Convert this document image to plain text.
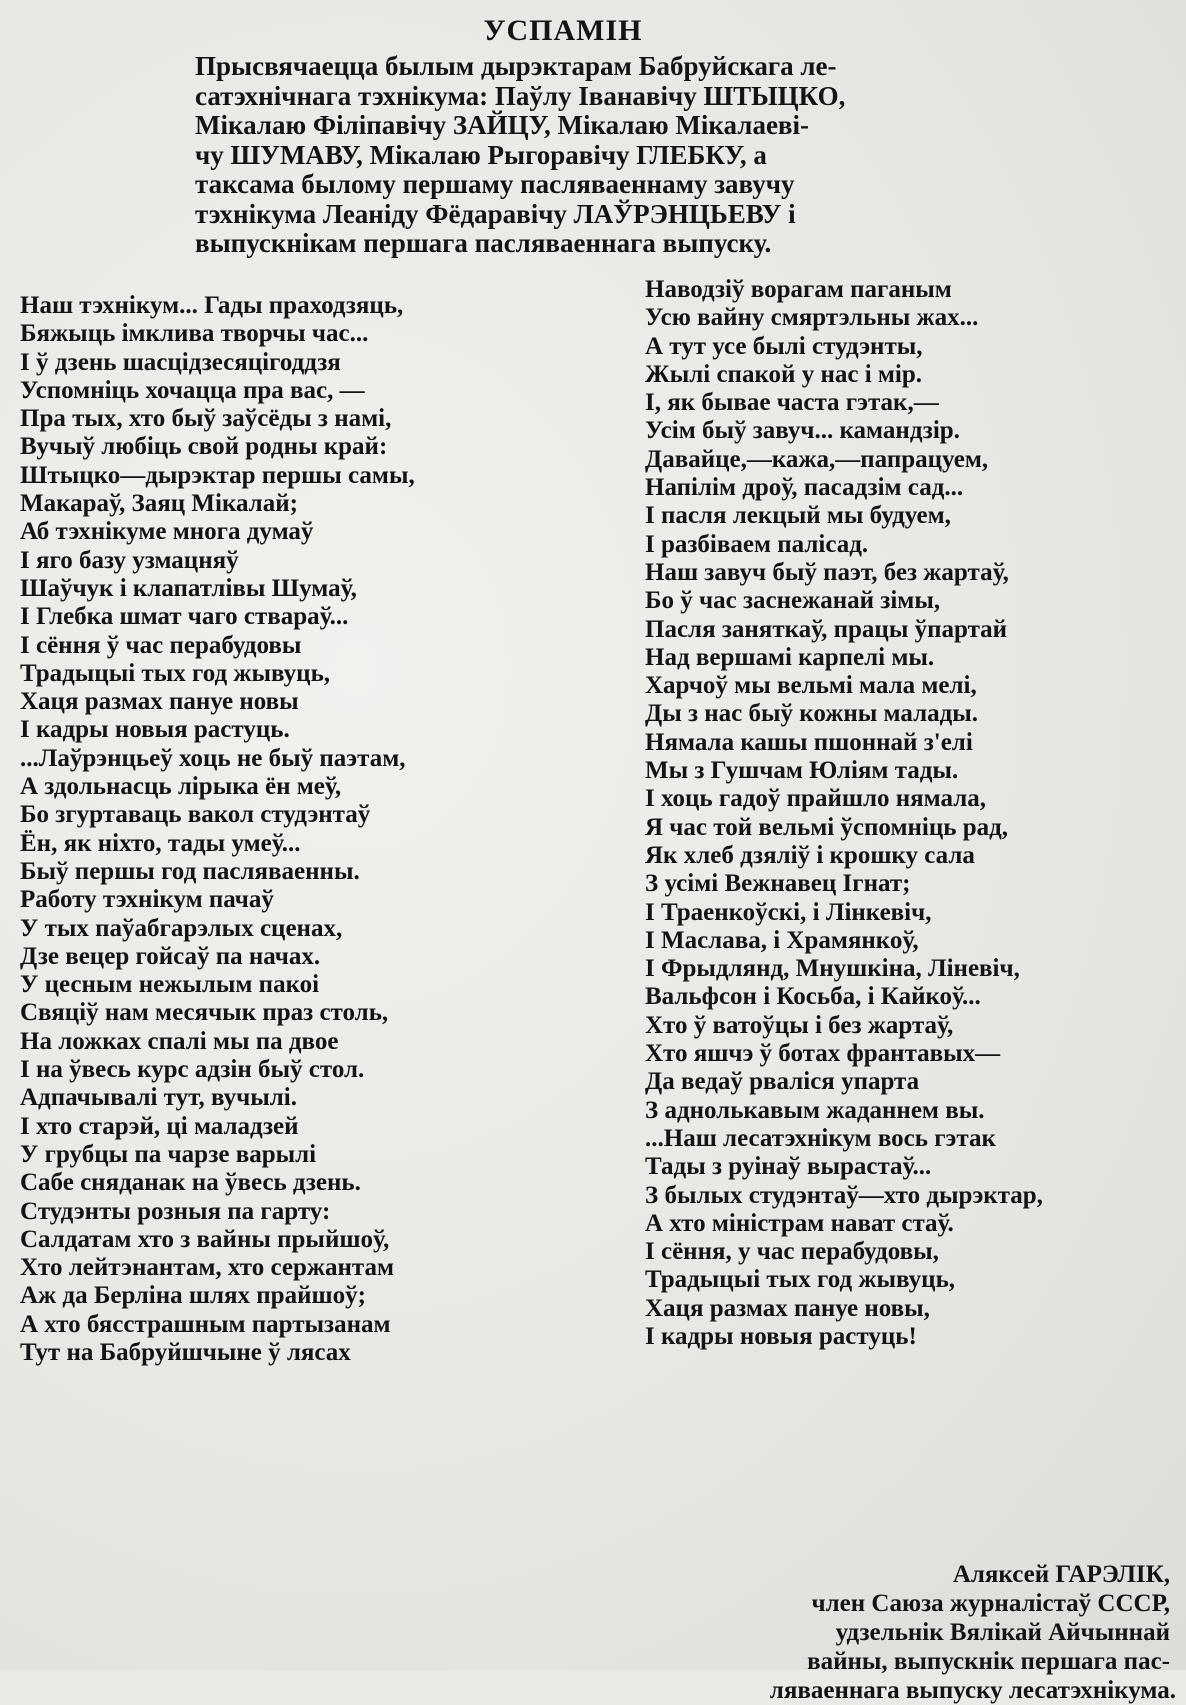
УСПАМІН
Прысвячаецца былым дырэктарам Бабруйскага ле-
сатэхнічнага тэхнікума: Паўлу Іванавічу ШТЫЦКО,
Мікалаю Філіпавічу ЗАЙЦУ, Мікалаю Мікалаеві-
чу ШУМАВУ, Мікалаю Рыгоравічу ГЛЕБКУ, а
таксама былому першаму пасляваеннаму завучу
тэхнікума Леаніду Фёдаравічу ЛАЎРЭНЦЬЕВУ і
выпускнікам першага пасляваеннага выпуску.
Наш тэхнікум... Гады праходзяць,
Бяжыць імклива творчы час...
І ў дзень шасцідзесяцігоддзя
Успомніць хочацца пра вас, —
Пра тых, хто быў заўсёды з намі,
Вучыў любіць свой родны край:
Штыцко—дырэктар першы самы,
Макараў, Заяц Мікалай;
Аб тэхнікуме многа думаў
І яго базу узмацняў
Шаўчук і клапатлівы Шумаў,
І Глебка шмат чаго ствараў...
І сёння ў час перабудовы
Традыцыі тых год жывуць,
Хаця размах пануе новы
І кадры новыя растуць.
...Лаўрэнцьеў хоць не быў паэтам,
А здольнасць лірыка ён меў,
Бо згуртаваць вакол студэнтаў
Ён, як ніхто, тады умеў...
Быў першы год пасляваенны.
Работу тэхнікум пачаў
У тых паўабгарэлых сценах,
Дзе вецер гойсаў па начах.
У цесным нежылым пакоі
Свяціў нам месячык праз столь,
На ложках спалі мы па двое
І на ўвесь курс адзін быў стол.
Адпачывалі тут, вучылі.
І хто старэй, ці маладзей
У грубцы па чарзе варылі
Сабе сняданак на ўвесь дзень.
Студэнты розныя па гарту:
Салдатам хто з вайны прыйшоў,
Хто лейтэнантам, хто сержантам
Аж да Берліна шлях прайшоў;
А хто бясстрашным партызанам
Тут на Бабруйшчыне ў лясах
Наводзіў ворагам паганым
Усю вайну смяртэльны жах...
А тут усе былі студэнты,
Жылі спакой у нас і мір.
І, як бывае часта гэтак,—
Усім быў завуч... камандзір.
Давайце,—кажа,—папрацуем,
Напілім дроў, пасадзім сад...
І пасля лекцый мы будуем,
І разбіваем палісад.
Наш завуч быў паэт, без жартаў,
Бо ў час заснежанай зімы,
Пасля заняткаў, працы ўпартай
Над вершамі карпелі мы.
Харчоў мы вельмі мала мелі,
Ды з нас быў кожны малады.
Нямала кашы пшоннай з'елі
Мы з Гушчам Юліям тады.
І хоць гадоў прайшло нямала,
Я час той вельмі ўспомніць рад,
Як хлеб дзяліў і крошку сала
З усімі Вежнавец Ігнат;
І Траенкоўскі, і Лінкевіч,
І Маслава, і Храмянкоў,
І Фрыдлянд, Мнушкіна, Лiневіч,
Вальфсон і Косьба, і Кайкоў...
Хто ў ватоўцы і без жартаў,
Хто яшчэ ў ботах франтавых—
Да ведаў рваліся упарта
З аднолькавым жаданнем вы.
...Наш лесатэхнікум вось гэтак
Тады з руінаў вырастаў...
З былых студэнтаў—хто дырэктар,
А хто міністрам нават стаў.
І сёння, у час перабудовы,
Традыцыі тых год жывуць,
Хаця размах пануе новы,
І кадры новыя растуць!
Аляксей ГАРЭЛІК,
член Саюза журналістаў СССР,
удзельнік Вялікай Айчыннай
вайны, выпускнік першага пас-
ляваеннага выпуску лесатэхнікума.
